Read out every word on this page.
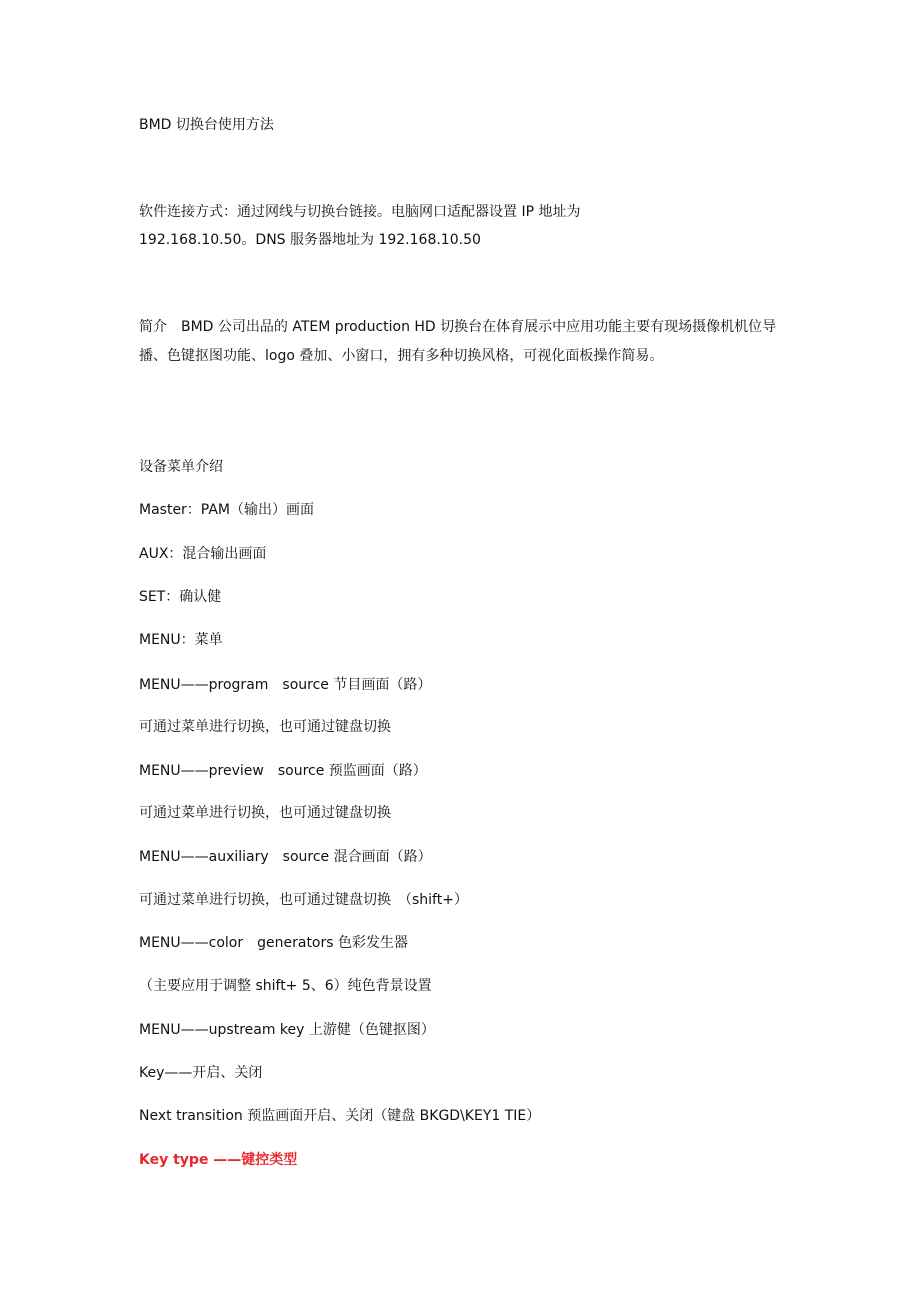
BMD 切换台使用方法
软件连接方式：通过网线与切换台链接。电脑网口适配器设置 IP 地址为
192.168.10.50。DNS 服务器地址为 192.168.10.50
简介　BMD 公司出品的 ATEM production HD 切换台在体育展示中应用功能主要有现场摄像机机位导播、色键抠图功能、logo 叠加、小窗口，拥有多种切换风格，可视化面板操作简易。
设备菜单介绍
Master：PAM（输出）画面
AUX：混合输出画面
SET：确认健
MENU：菜单
MENU——program　source 节目画面（路）
可通过菜单进行切换，也可通过键盘切换
MENU——preview　source 预监画面（路）
可通过菜单进行切换，也可通过键盘切换
MENU——auxiliary　source 混合画面（路）
可通过菜单进行切换，也可通过键盘切换　（shift+）
MENU——color　generators 色彩发生器
（主要应用于调整 shift+ 5、6）纯色背景设置
MENU——upstream key 上游健（色键抠图）
Key——开启、关闭
Next transition 预监画面开启、关闭（键盘 BKGD\KEY1 TIE）
Key type ——键控类型
